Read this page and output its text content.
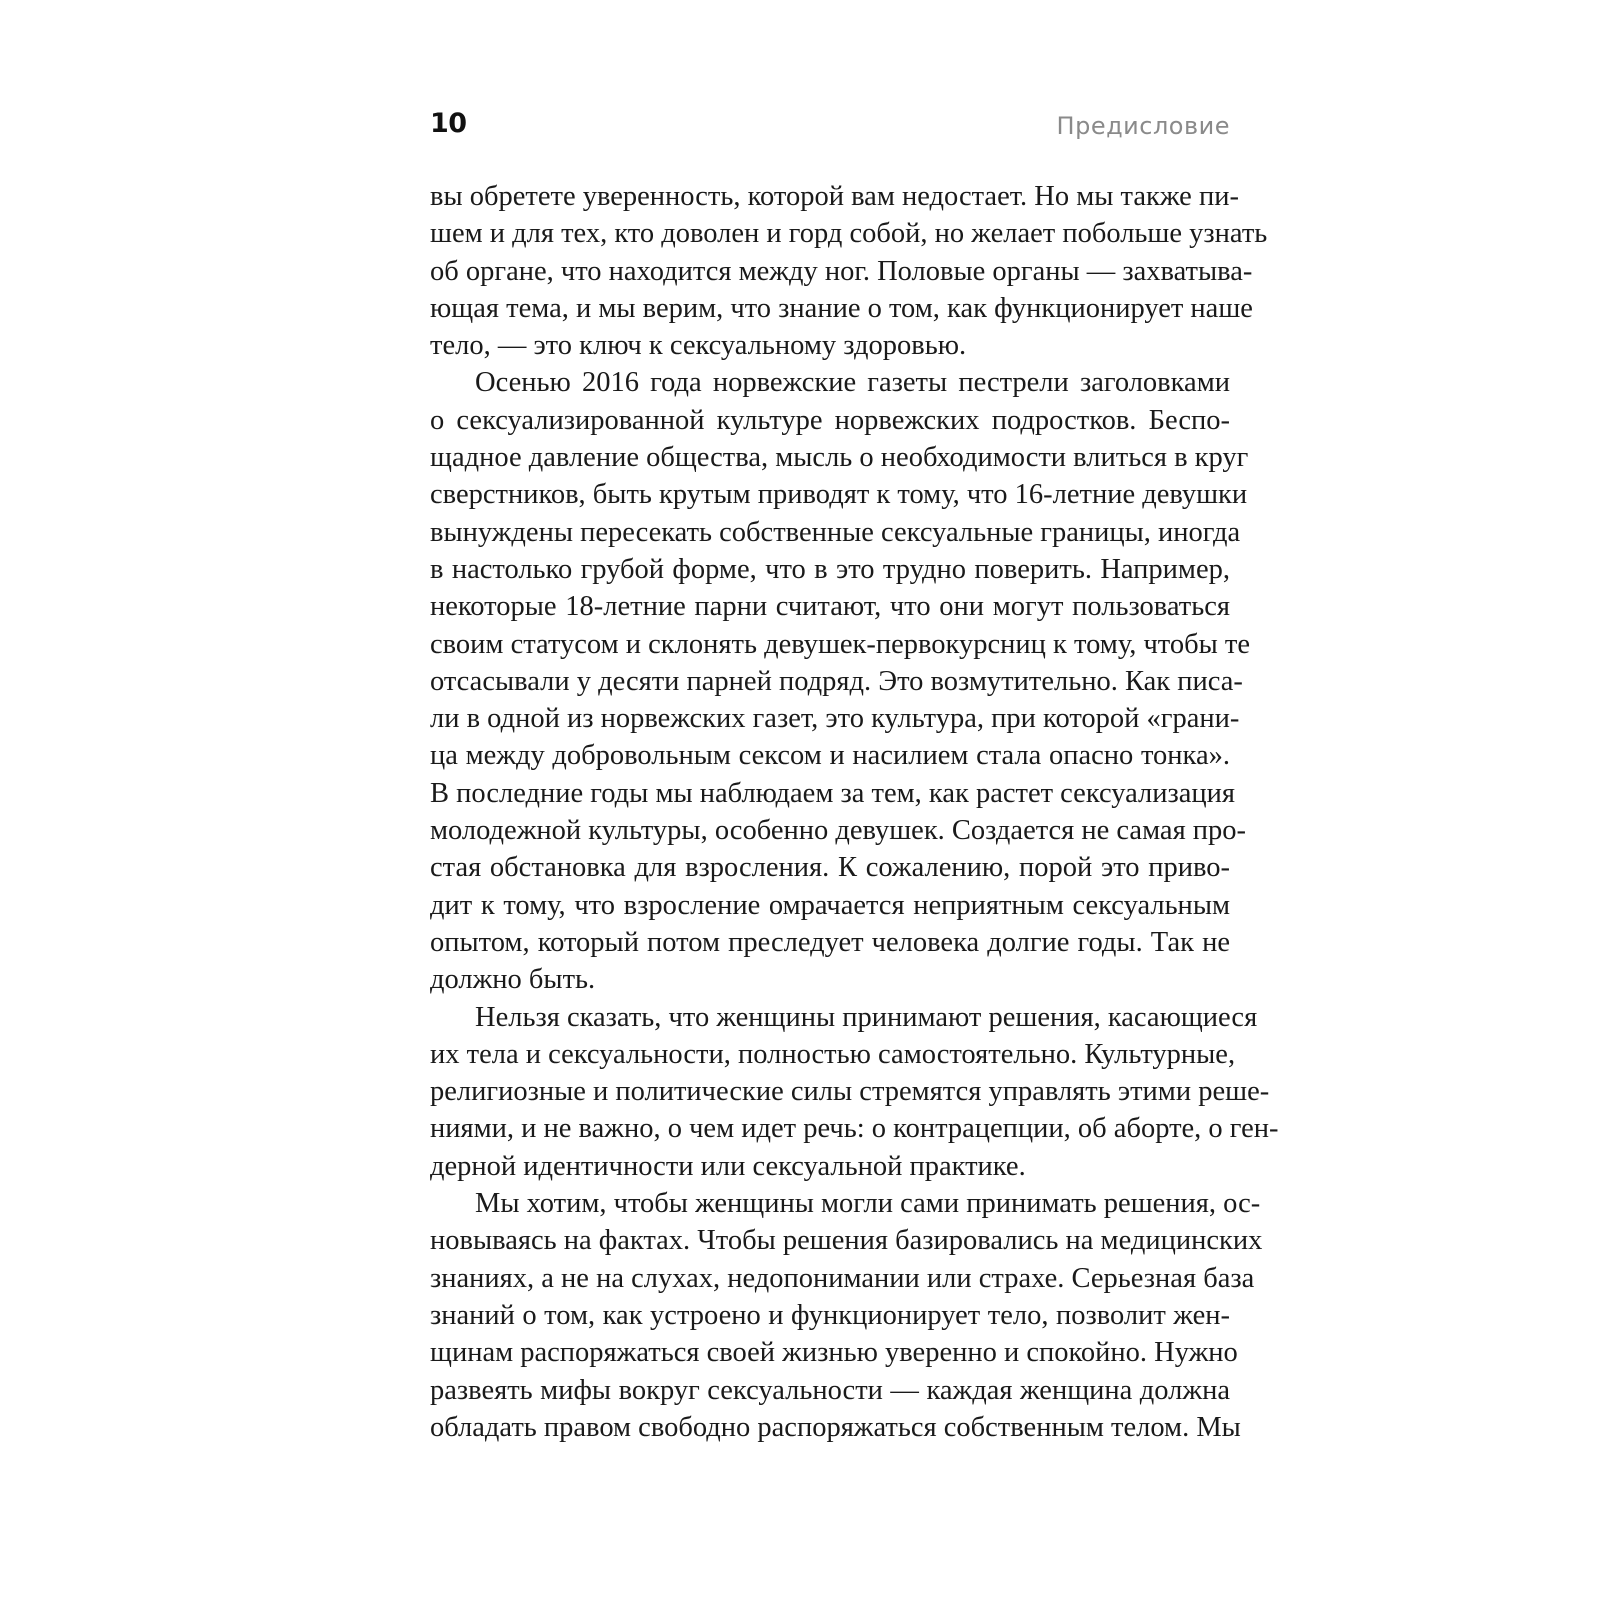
10	Предисловие

вы обретете уверенность, которой вам недостает. Но мы также пи-
шем и для тех, кто доволен и горд собой, но желает побольше узнать
об органе, что находится между ног. Половые органы — захватыва-
ющая тема, и мы верим, что знание о том, как функционирует наше
тело, — это ключ к сексуальному здоровью.

Осенью 2016 года норвежские газеты пестрели заголовками
о сексуализированной культуре норвежских подростков. Беспо-
щадное давление общества, мысль о необходимости влиться в круг
сверстников, быть крутым приводят к тому, что 16-летние девушки
вынуждены пересекать собственные сексуальные границы, иногда
в настолько грубой форме, что в это трудно поверить. Например,
некоторые 18-летние парни считают, что они могут пользоваться
своим статусом и склонять девушек-первокурсниц к тому, чтобы те
отсасывали у десяти парней подряд. Это возмутительно. Как писа-
ли в одной из норвежских газет, это культура, при которой «грани-
ца между добровольным сексом и насилием стала опасно тонка».
В последние годы мы наблюдаем за тем, как растет сексуализация
молодежной культуры, особенно девушек. Создается не самая про-
стая обстановка для взросления. К сожалению, порой это приво-
дит к тому, что взросление омрачается неприятным сексуальным
опытом, который потом преследует человека долгие годы. Так не
должно быть.

Нельзя сказать, что женщины принимают решения, касающиеся
их тела и сексуальности, полностью самостоятельно. Культурные,
религиозные и политические силы стремятся управлять этими реше-
ниями, и не важно, о чем идет речь: о контрацепции, об аборте, о ген-
дерной идентичности или сексуальной практике.

Мы хотим, чтобы женщины могли сами принимать решения, ос-
новываясь на фактах. Чтобы решения базировались на медицинских
знаниях, а не на слухах, недопонимании или страхе. Серьезная база
знаний о том, как устроено и функционирует тело, позволит жен-
щинам распоряжаться своей жизнью уверенно и спокойно. Нужно
развеять мифы вокруг сексуальности — каждая женщина должна
обладать правом свободно распоряжаться собственным телом. Мы
